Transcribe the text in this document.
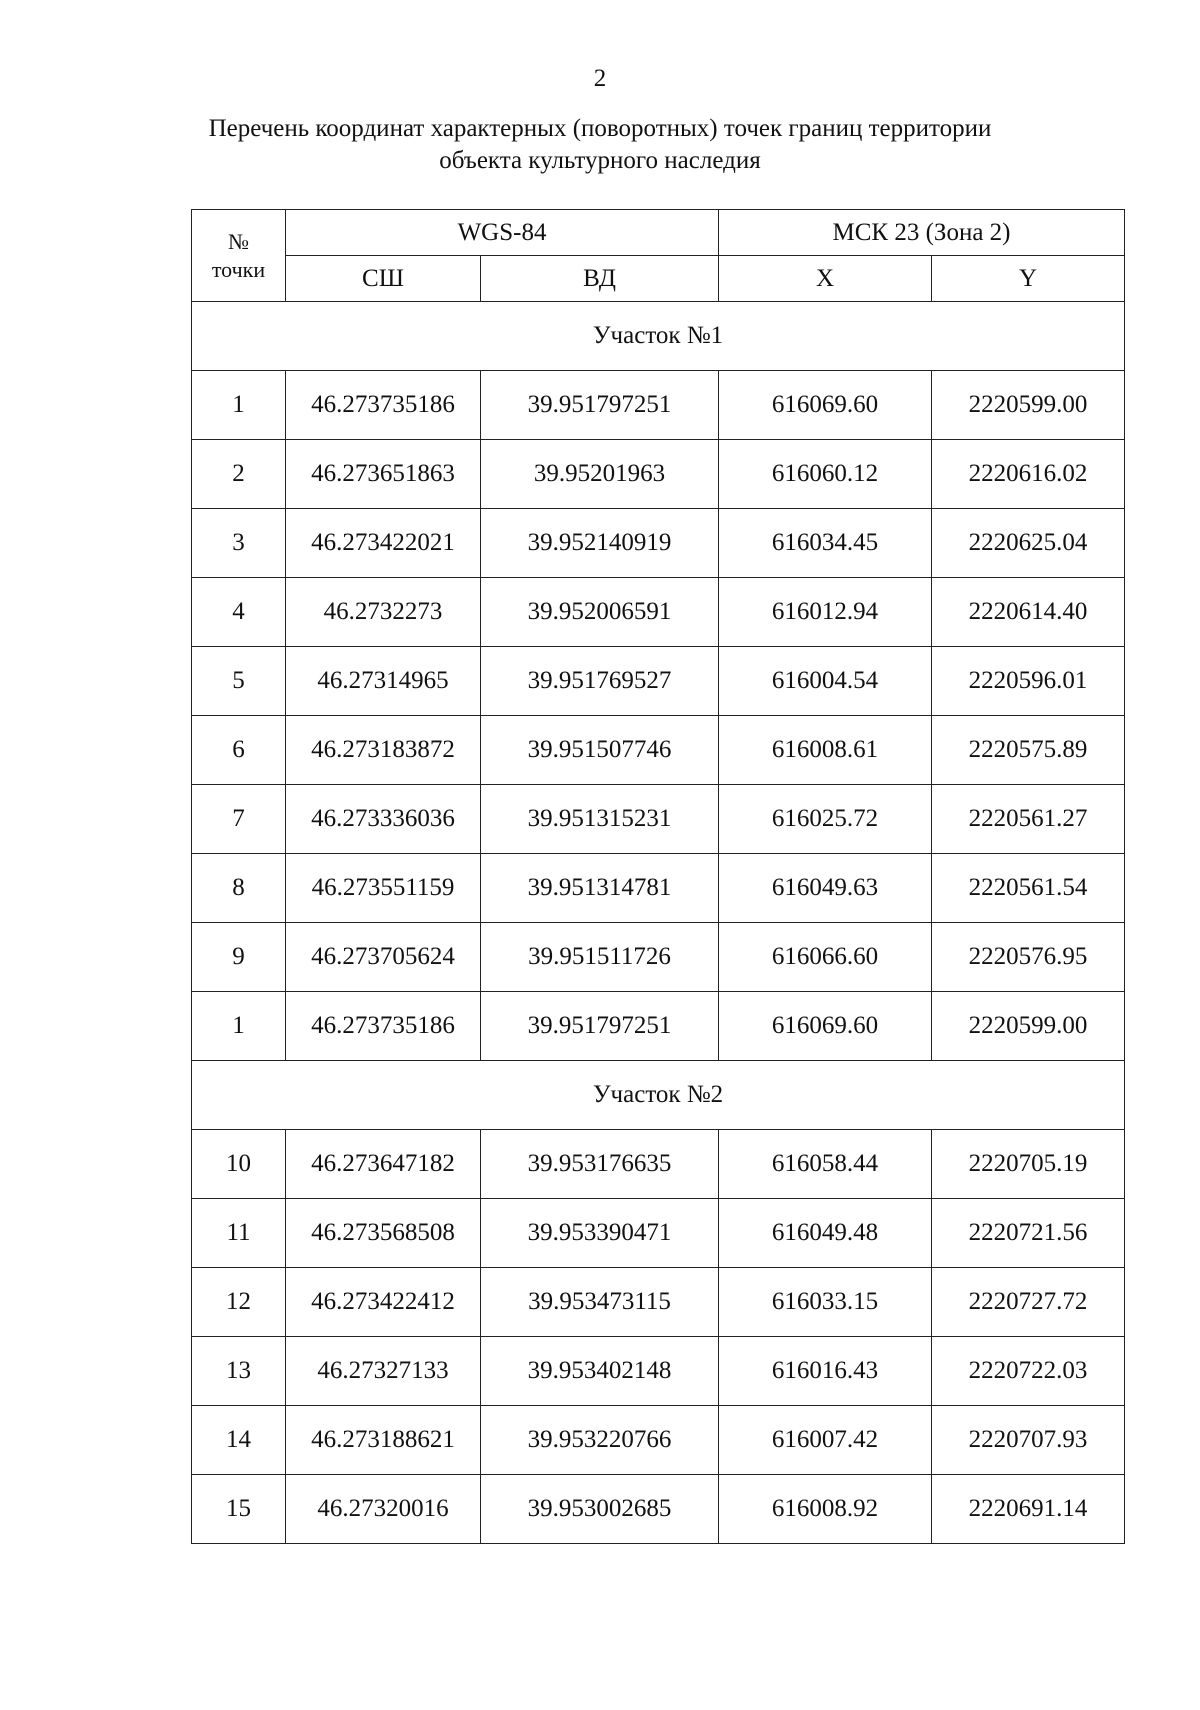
2
Перечень координат характерных (поворотных) точек границ территории
объекта культурного наследия
№
точки	WGS-84		МСК 23 (Зона 2)	
	СШ	ВД	X	Y
Участок №1				
1	46.273735186	39.951797251	616069.60	2220599.00
2	46.273651863	39.95201963	616060.12	2220616.02
3	46.273422021	39.952140919	616034.45	2220625.04
4	46.2732273	39.952006591	616012.94	2220614.40
5	46.27314965	39.951769527	616004.54	2220596.01
6	46.273183872	39.951507746	616008.61	2220575.89
7	46.273336036	39.951315231	616025.72	2220561.27
8	46.273551159	39.951314781	616049.63	2220561.54
9	46.273705624	39.951511726	616066.60	2220576.95
1	46.273735186	39.951797251	616069.60	2220599.00
Участок №2				
10	46.273647182	39.953176635	616058.44	2220705.19
11	46.273568508	39.953390471	616049.48	2220721.56
12	46.273422412	39.953473115	616033.15	2220727.72
13	46.27327133	39.953402148	616016.43	2220722.03
14	46.273188621	39.953220766	616007.42	2220707.93
15	46.27320016	39.953002685	616008.92	2220691.14
